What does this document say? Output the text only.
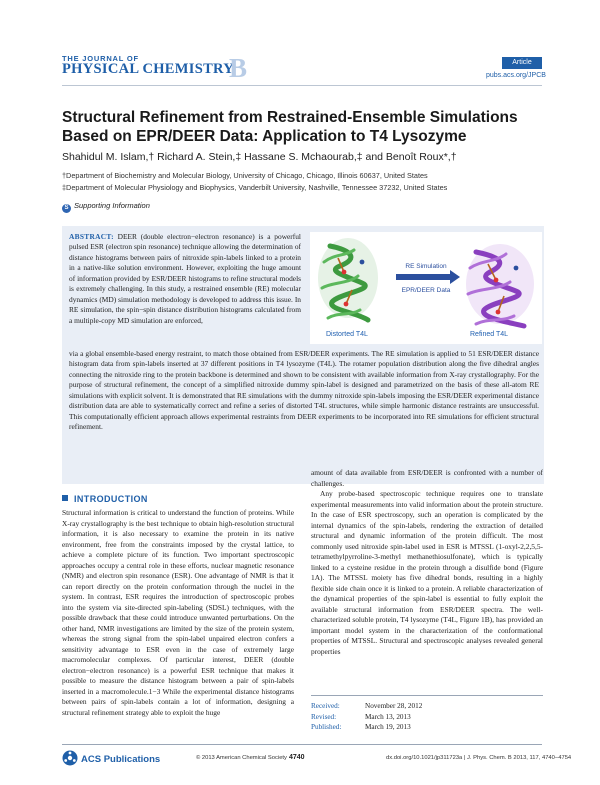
THE JOURNAL OF
PHYSICAL CHEMISTRY
B	Article
pubs.acs.org/JPCB
Structural Refinement from Restrained-Ensemble Simulations Based on EPR/DEER Data: Application to T4 Lysozyme
Shahidul M. Islam,† Richard A. Stein,‡ Hassane S. Mchaourab,‡ and Benoît Roux*,†
†Department of Biochemistry and Molecular Biology, University of Chicago, Chicago, Illinois 60637, United States
‡Department of Molecular Physiology and Biophysics, Vanderbilt University, Nashville, Tennessee 37232, United States
S Supporting Information
ABSTRACT: DEER (double electron−electron resonance) is a powerful pulsed ESR (electron spin resonance) technique allowing the determination of distance histograms between pairs of nitroxide spin-labels linked to a protein in a native-like solution environment. However, exploiting the huge amount of information provided by ESR/DEER histograms to refine structural models is extremely challenging. In this study, a restrained ensemble (RE) molecular dynamics (MD) simulation methodology is developed to address this issue. In RE simulation, the spin−spin distance distribution histograms calculated from a multiple-copy MD simulation are enforced,
RE Simulation
EPR/DEER Data
Distorted T4L	Refined T4L
via a global ensemble-based energy restraint, to match those obtained from ESR/DEER experiments. The RE simulation is applied to 51 ESR/DEER distance histogram data from spin-labels inserted at 37 different positions in T4 lysozyme (T4L). The rotamer population distribution along the five dihedral angles connecting the nitroxide ring to the protein backbone is determined and shown to be consistent with available information from X-ray crystallography. For the purpose of structural refinement, the concept of a simplified nitroxide dummy spin-label is designed and parametrized on the basis of these all-atom RE simulations with explicit solvent. It is demonstrated that RE simulations with the dummy nitroxide spin-labels imposing the ESR/DEER experimental distance distribution data are able to systematically correct and refine a series of distorted T4L structures, while simple harmonic distance restraints are unsuccessful. This computationally efficient approach allows experimental restraints from DEER experiments to be incorporated into RE simulations for efficient structural refinement.
INTRODUCTION

Structural information is critical to understand the function of proteins. While X-ray crystallography is the best technique to obtain high-resolution structural information, it is also necessary to examine the protein in its native environment, free from the constraints imposed by the crystal lattice, to achieve a complete picture of its function. Two important spectroscopic approaches occupy a central role in these efforts, nuclear magnetic resonance (NMR) and electron spin resonance (ESR). One advantage of NMR is that it can report directly on the protein conformation through the nuclei in the system. In contrast, ESR requires the introduction of spectroscopic probes into the system via site-directed spin-labeling (SDSL) techniques, with the possible drawback that these could introduce unwanted perturbations. On the other hand, NMR investigations are limited by the size of the protein system, whereas the strong signal from the spin-label unpaired electron confers a sensitivity advantage to ESR even in the case of extremely large macromolecular complexes. Of particular interest, DEER (double electron−electron resonance) is a powerful ESR technique that makes it possible to measure the distance histogram between a pair of spin-labels inserted in a macromolecule.1−3 While the experimental distance histograms between pairs of spin-labels contain a lot of information, designing a structural refinement strategy able to exploit the huge

amount of data available from ESR/DEER is confronted with a number of challenges.

Any probe-based spectroscopic technique requires one to translate experimental measurements into valid information about the protein structure. In the case of ESR spectroscopy, such an operation is complicated by the internal dynamics of the spin-labels, rendering the extraction of detailed structural and dynamic information of the protein difficult. The most commonly used nitroxide spin-label used in ESR is MTSSL (1-oxyl-2,2,5,5-tetramethylpyrroline-3-methyl methanethiosulfonate), which is typically linked to a cysteine residue in the protein through a disulfide bond (Figure 1A). The MTSSL moiety has five dihedral bonds, resulting in a highly flexible side chain once it is linked to a protein. A reliable characterization of the dynamical properties of the spin-label is essential to fully exploit the available structural information from ESR/DEER spectra. The well-characterized soluble protein, T4 lysozyme (T4L, Figure 1B), has provided an important model system in the characterization of the conformational properties of MTSSL. Structural and spectroscopic analyses revealed general properties

Received:	November 28, 2012
Revised:	March 13, 2013
Published:	March 19, 2013
ACS Publications	© 2013 American Chemical Society 4740	dx.doi.org/10.1021/jp311723a | J. Phys. Chem. B 2013, 117, 4740−4754
